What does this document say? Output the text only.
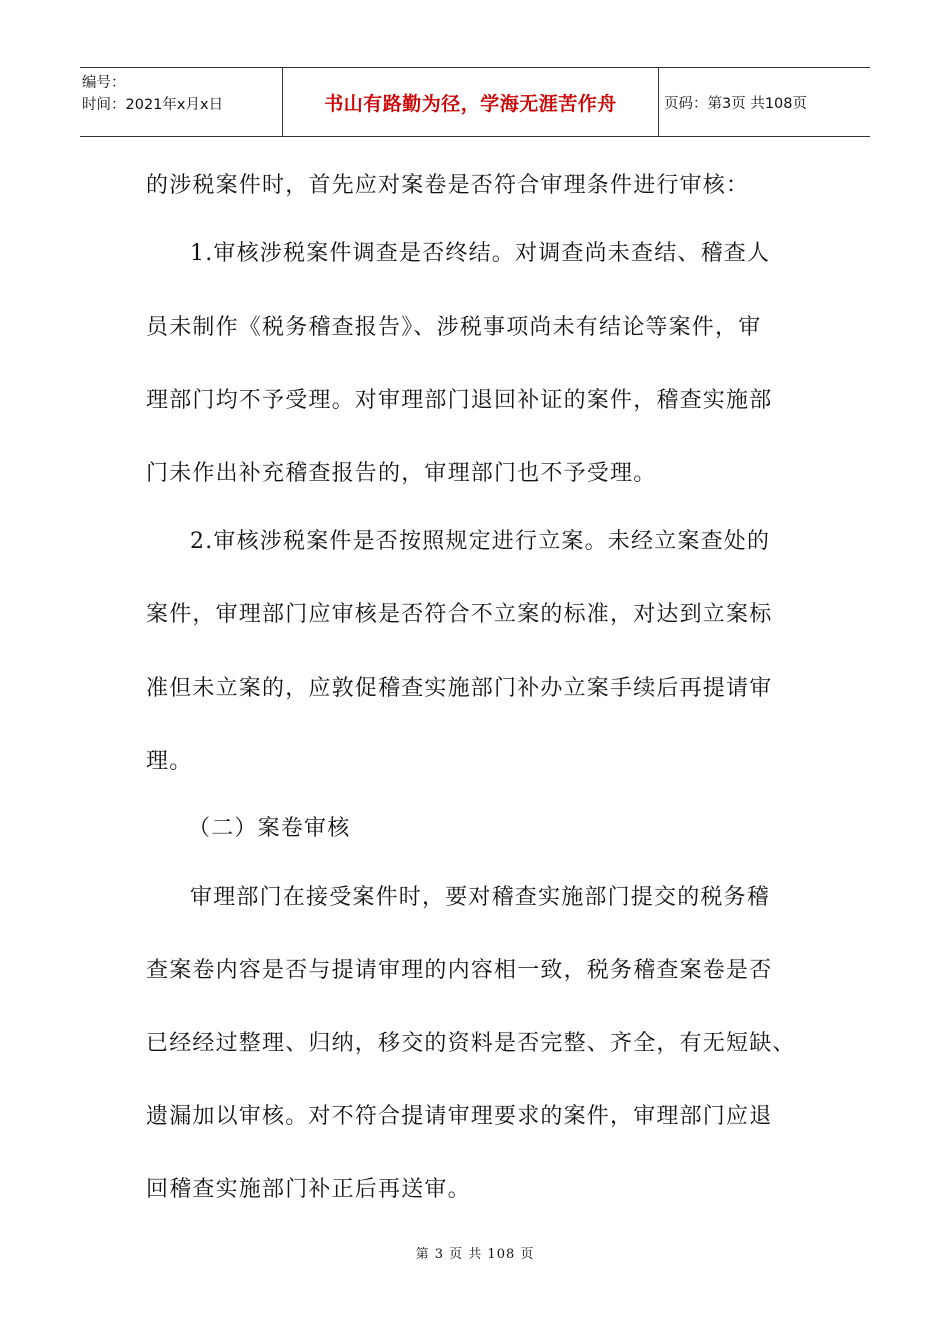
编号：
时间：2021年x月x日	书山有路勤为径，学海无涯苦作舟	页码：第3页 共108页
的涉税案件时，首先应对案卷是否符合审理条件进行审核：
1.审核涉税案件调查是否终结。对调查尚未查结、稽查人
员未制作《税务稽查报告》、涉税事项尚未有结论等案件，审
理部门均不予受理。对审理部门退回补证的案件，稽查实施部
门未作出补充稽查报告的，审理部门也不予受理。
2.审核涉税案件是否按照规定进行立案。未经立案查处的
案件，审理部门应审核是否符合不立案的标准，对达到立案标
准但未立案的，应敦促稽查实施部门补办立案手续后再提请审
理。
（二）案卷审核
审理部门在接受案件时，要对稽查实施部门提交的税务稽
查案卷内容是否与提请审理的内容相一致，税务稽查案卷是否
已经经过整理、归纳，移交的资料是否完整、齐全，有无短缺、
遗漏加以审核。对不符合提请审理要求的案件，审理部门应退
回稽查实施部门补正后再送审。
第 3 页 共 108 页
